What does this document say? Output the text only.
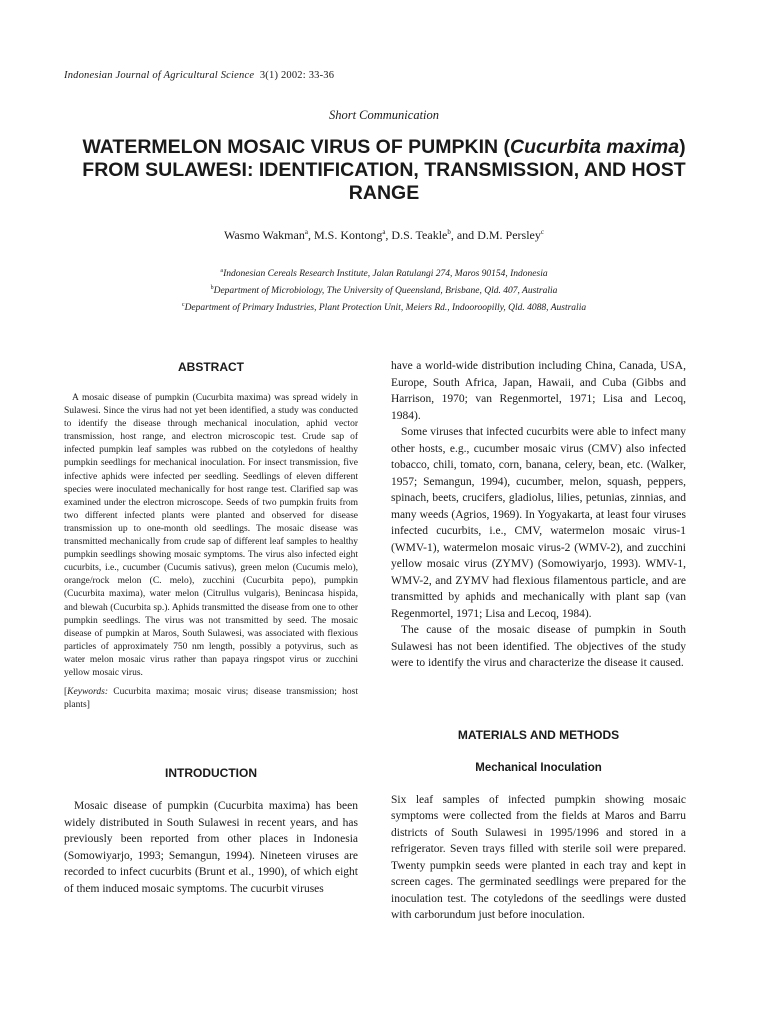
Indonesian Journal of Agricultural Science 3(1) 2002: 33-36
Short Communication
WATERMELON MOSAIC VIRUS OF PUMPKIN (Cucurbita maxima) FROM SULAWESI: IDENTIFICATION, TRANSMISSION, AND HOST RANGE
Wasmo Wakman$^a$, M.S. Kontong$^a$, D.S. Teakle$^b$, and D.M. Persley$^c$
$^a$Indonesian Cereals Research Institute, Jalan Ratulangi 274, Maros 90154, Indonesia
$^b$Department of Microbiology, The University of Queensland, Brisbane, Qld. 407, Australia
$^c$Department of Primary Industries, Plant Protection Unit, Meiers Rd., Indooroopilly, Qld. 4088, Australia
ABSTRACT

A mosaic disease of pumpkin (Cucurbita maxima) was spread widely in Sulawesi. Since the virus had not yet been identified, a study was conducted to identify the disease through mechanical inoculation, aphid vector transmission, host range, and electron microscopic test. Crude sap of infected pumpkin leaf samples was rubbed on the cotyledons of healthy pumpkin seedlings for mechanical inoculation. For insect transmission, five infective aphids were infected per seedling. Seedlings of eleven different species were inoculated mechanically for host range test. Clarified sap was examined under the electron microscope. Seeds of two pumpkin fruits from two different infected plants were planted and observed for disease transmission up to one-month old seedlings. The mosaic disease was transmitted mechanically from crude sap of different leaf samples to healthy pumpkin seedlings showing mosaic symptoms. The virus also infected eight cucurbits, i.e., cucumber (Cucumis sativus), green melon (Cucumis melo), orange/rock melon (C. melo), zucchini (Cucurbita pepo), pumpkin (Cucurbita maxima), water melon (Citrullus vulgaris), Benincasa hispida, and blewah (Cucurbita sp.). Aphids transmitted the disease from one to other pumpkin seedlings. The virus was not transmitted by seed. The mosaic disease of pumpkin at Maros, South Sulawesi, was associated with flexious particles of approximately 750 nm length, possibly a potyvirus, such as water melon mosaic virus rather than papaya ringspot virus or zucchini yellow mosaic virus.

[Keywords: Cucurbita maxima; mosaic virus; disease transmission; host plants]

INTRODUCTION

Mosaic disease of pumpkin (Cucurbita maxima) has been widely distributed in South Sulawesi in recent years, and has previously been reported from other places in Indonesia (Somowiyarjo, 1993; Semangun, 1994). Nineteen viruses are recorded to infect cucurbits (Brunt et al., 1990), of which eight of them induced mosaic symptoms. The cucurbit viruses

have a world-wide distribution including China, Canada, USA, Europe, South Africa, Japan, Hawaii, and Cuba (Gibbs and Harrison, 1970; van Regenmortel, 1971; Lisa and Lecoq, 1984).

Some viruses that infected cucurbits were able to infect many other hosts, e.g., cucumber mosaic virus (CMV) also infected tobacco, chili, tomato, corn, banana, celery, bean, etc. (Walker, 1957; Semangun, 1994), cucumber, melon, squash, peppers, spinach, beets, crucifers, gladiolus, lilies, petunias, zinnias, and many weeds (Agrios, 1969). In Yogyakarta, at least four viruses infected cucurbits, i.e., CMV, watermelon mosaic virus-1 (WMV-1), watermelon mosaic virus-2 (WMV-2), and zucchini yellow mosaic virus (ZYMV) (Somowiyarjo, 1993). WMV-1, WMV-2, and ZYMV had flexious filamentous particle, and are transmitted by aphids and mechanically with plant sap (van Regenmortel, 1971; Lisa and Lecoq, 1984).

The cause of the mosaic disease of pumpkin in South Sulawesi has not been identified. The objectives of the study were to identify the virus and characterize the disease it caused.

MATERIALS AND METHODS
Mechanical Inoculation

Six leaf samples of infected pumpkin showing mosaic symptoms were collected from the fields at Maros and Barru districts of South Sulawesi in 1995/1996 and stored in a refrigerator. Seven trays filled with sterile soil were prepared. Twenty pumpkin seeds were planted in each tray and kept in screen cages. The germinated seedlings were prepared for the inoculation test. The cotyledons of the seedlings were dusted with carborundum just before inoculation.
